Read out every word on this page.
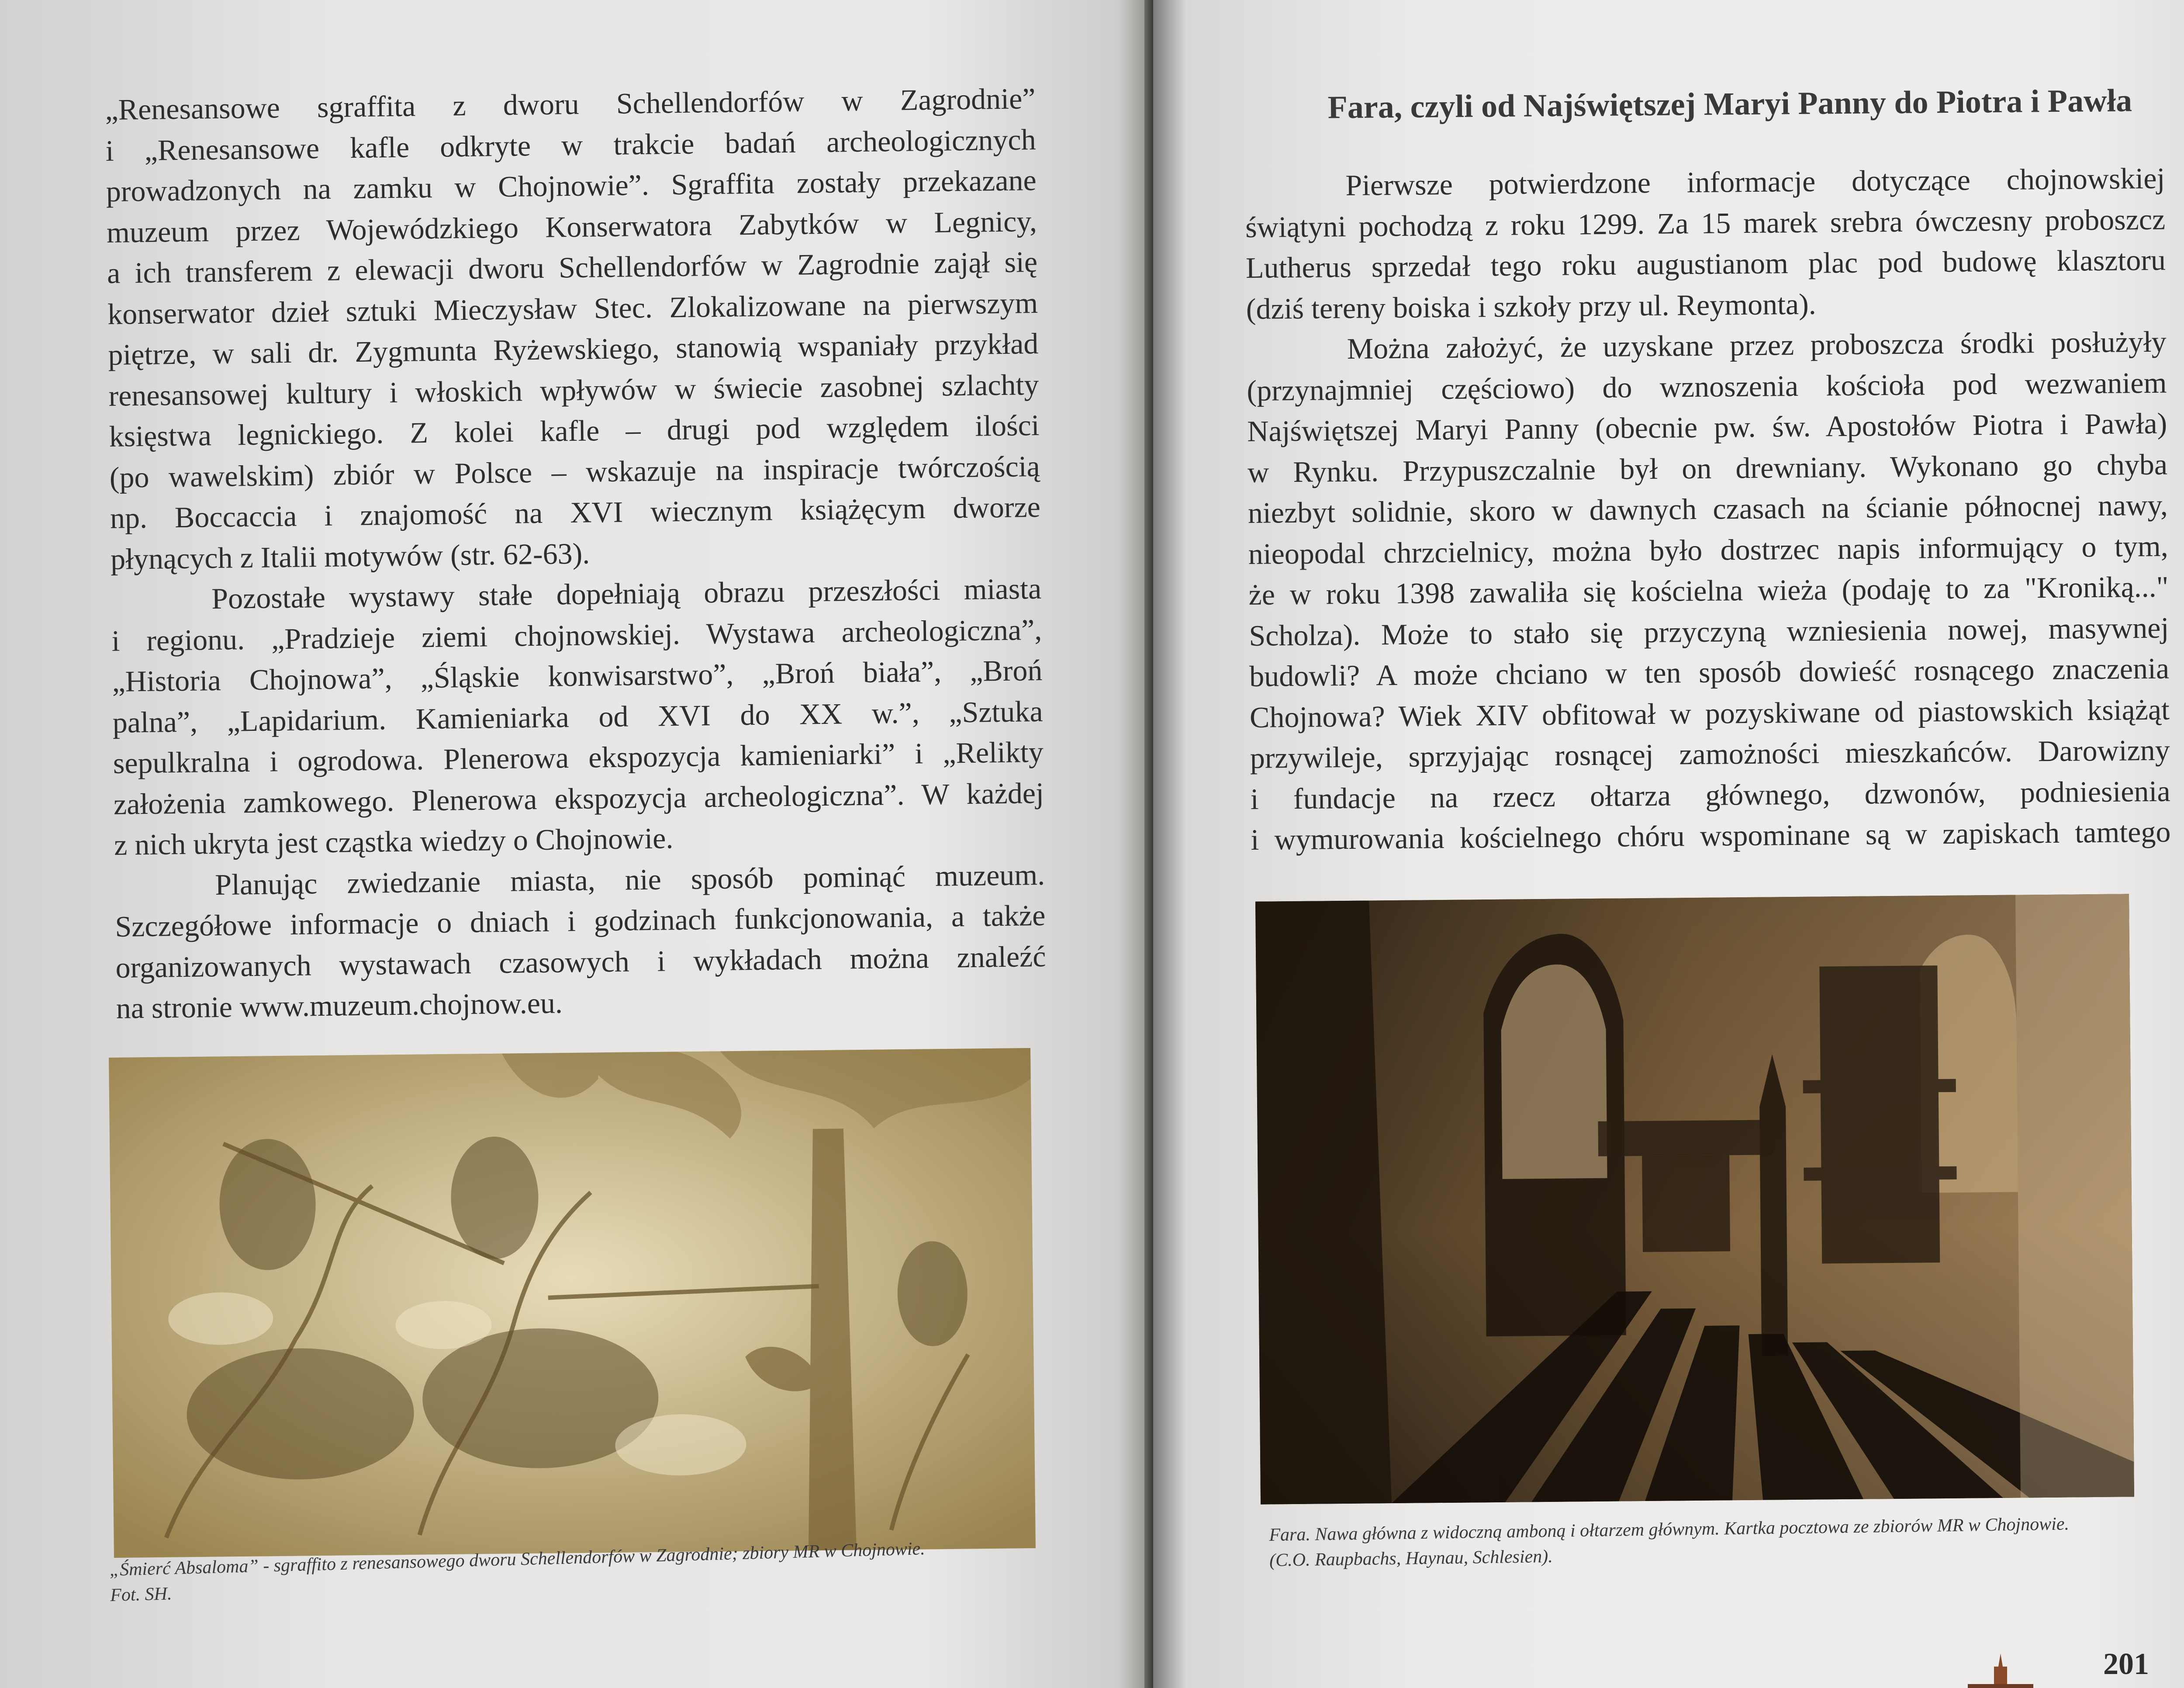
„Renesansowe sgraffita z dworu Schellendorfów w Zagrodnie”
i „Renesansowe kafle odkryte w trakcie badań archeologicznych
prowadzonych na zamku w Chojnowie”. Sgraffita zostały przekazane
muzeum przez Wojewódzkiego Konserwatora Zabytków w Legnicy,
a ich transferem z elewacji dworu Schellendorfów w Zagrodnie zajął się
konserwator dzieł sztuki Mieczysław Stec. Zlokalizowane na pierwszym
piętrze, w sali dr. Zygmunta Ryżewskiego, stanowią wspaniały przykład
renesansowej kultury i włoskich wpływów w świecie zasobnej szlachty
księstwa legnickiego. Z kolei kafle – drugi pod względem ilości
(po wawelskim) zbiór w Polsce – wskazuje na inspiracje twórczością
np. Boccaccia i znajomość na XVI wiecznym książęcym dworze
płynących z Italii motywów (str. 62-63).
Pozostałe wystawy stałe dopełniają obrazu przeszłości miasta
i regionu. „Pradzieje ziemi chojnowskiej. Wystawa archeologiczna”,
„Historia Chojnowa”, „Śląskie konwisarstwo”, „Broń biała”, „Broń
palna”, „Lapidarium. Kamieniarka od XVI do XX w.”, „Sztuka
sepulkralna i ogrodowa. Plenerowa ekspozycja kamieniarki” i „Relikty
założenia zamkowego. Plenerowa ekspozycja archeologiczna”. W każdej
z nich ukryta jest cząstka wiedzy o Chojnowie.
Planując zwiedzanie miasta, nie sposób pominąć muzeum.
Szczegółowe informacje o dniach i godzinach funkcjonowania, a także
organizowanych wystawach czasowych i wykładach można znaleźć
na stronie www.muzeum.chojnow.eu.
„Śmierć Absaloma” - sgraffito z renesansowego dworu Schellendorfów w Zagrodnie; zbiory MR w Chojnowie.
Fot. SH.
Fara, czyli od Najświętszej Maryi Panny do Piotra i Pawła
Pierwsze potwierdzone informacje dotyczące chojnowskiej
świątyni pochodzą z roku 1299. Za 15 marek srebra ówczesny proboszcz
Lutherus sprzedał tego roku augustianom plac pod budowę klasztoru
(dziś tereny boiska i szkoły przy ul. Reymonta).
Można założyć, że uzyskane przez proboszcza środki posłużyły
(przynajmniej częściowo) do wznoszenia kościoła pod wezwaniem
Najświętszej Maryi Panny (obecnie pw. św. Apostołów Piotra i Pawła)
w Rynku. Przypuszczalnie był on drewniany. Wykonano go chyba
niezbyt solidnie, skoro w dawnych czasach na ścianie północnej nawy,
nieopodal chrzcielnicy, można było dostrzec napis informujący o tym,
że w roku 1398 zawaliła się kościelna wieża (podaję to za "Kroniką..."
Scholza). Może to stało się przyczyną wzniesienia nowej, masywnej
budowli? A może chciano w ten sposób dowieść rosnącego znaczenia
Chojnowa? Wiek XIV obfitował w pozyskiwane od piastowskich książąt
przywileje, sprzyjając rosnącej zamożności mieszkańców. Darowizny
i fundacje na rzecz ołtarza głównego, dzwonów, podniesienia
i wymurowania kościelnego chóru wspominane są w zapiskach tamtego
Fara. Nawa główna z widoczną amboną i ołtarzem głównym. Kartka pocztowa ze zbiorów MR w Chojnowie.
(C.O. Raupbachs, Haynau, Schlesien).
201
